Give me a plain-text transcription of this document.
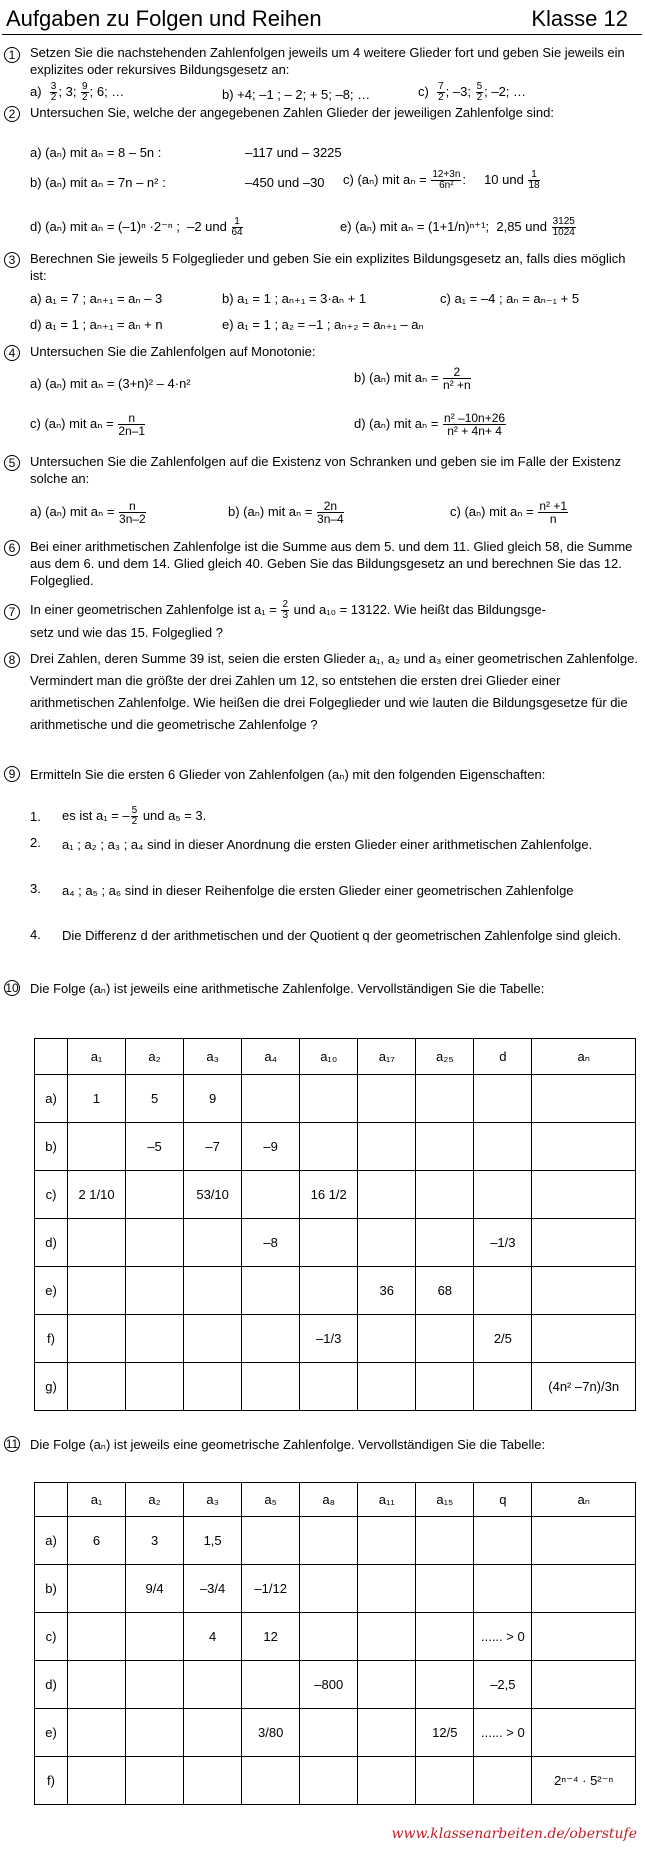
Aufgaben zu Folgen und Reihen	Klasse 12
1	Setzen Sie die nachstehenden Zahlenfolgen jeweils um 4 weitere Glieder fort und geben Sie jeweils ein explizites oder rekursives Bildungsgesetz an:
$a) \frac{3}{2}$ ; 3; $\frac{9}{2}$ ; 6; …	b) +4; –1 ; – 2; + 5; –8; …	$c) \frac{7}{2}$ ; –3; $\frac{5}{2}$ ; –2; …
2	Untersuchen Sie, welche der angegebenen Zahlen Glieder der jeweiligen Zahlenfolge sind:
a) (aₙ) mit aₙ = 8 – 5n :	–117 und – 3225
b) (aₙ) mit aₙ = 7n – n² :	–450 und –30 c) (aₙ) mit $a_n = \frac{12+3n}{\text{6n²}}$ :     10 und $\frac{1}{18}$
d) (aₙ) mit aₙ = (–1)ⁿ ·2⁻ⁿ ; –2 und $\frac{1}{64}$	e) (aₙ) mit aₙ = (1+1/n)ⁿ⁺¹; 2,85 und $\frac{3125}{1024}$
3	Berechnen Sie jeweils 5 Folgeglieder und geben Sie ein explizites Bildungsgesetz an, falls dies möglich ist:
a) a₁ = 7 ; aₙ₊₁ = aₙ – 3	b) a₁ = 1 ; aₙ₊₁ = 3·aₙ + 1	c) a₁ = –4 ; aₙ = aₙ₋₁ + 5
d) a₁ = 1 ; aₙ₊₁ = aₙ + n	e) a₁ = 1 ; a₂ = –1 ; aₙ₊₂ = aₙ₊₁ – aₙ
4	Untersuchen Sie die Zahlenfolgen auf Monotonie:
a) (aₙ) mit aₙ = (3+n)² – 4·n²	b) (aₙ) mit $a_n = \frac{2}{\text{n² +n}}$
c) (aₙ) mit $a_n = \frac{n}{2n-1}$	d) (aₙ) mit $a_n = \frac{\text{n² –10n+26}}{\text{n² + 4n+ 4}}$
5	Untersuchen Sie die Zahlenfolgen auf die Existenz von Schranken und geben sie im Falle der Existenz solche an:
a) (aₙ) mit $a_n = \frac{n}{3n-2}$	b) (aₙ) mit $a_n = \frac{2n}{3n-4}$	c) (aₙ) mit $a_n = \frac{\text{n² +1}}{n}$
6	Bei einer arithmetischen Zahlenfolge ist die Summe aus dem 5. und dem 11. Glied gleich 58, die Summe aus dem 6. und dem 14. Glied gleich 40. Geben Sie das Bildungsgesetz an und berechnen Sie das 12. Folgeglied.
7	In einer geometrischen Zahlenfolge ist $a_1 = \frac{2}{3}$ und a₁₀ = 13122. Wie heißt das Bildungsge-
setz und wie das 15. Folgeglied ?
8	Drei Zahlen, deren Summe 39 ist, seien die ersten Glieder a₁, a₂ und a₃ einer geometrischen Zahlenfolge. Vermindert man die größte der drei Zahlen um 12, so entstehen die ersten drei Glieder einer arithmetischen Zahlenfolge. Wie heißen die drei Folgeglieder und wie lauten die Bildungsgesetze für die arithmetische und die geometrische Zahlenfolge ?
9	Ermitteln Sie die ersten 6 Glieder von Zahlenfolgen (aₙ) mit den folgenden Eigenschaften:
1. es ist a₁ = – $\frac{5}{2}$ und a₅ = 3.
2. a₁ ; a₂ ; a₃ ; a₄ sind in dieser Anordnung die ersten Glieder einer arithmetischen Zahlenfolge.
3. a₄ ; a₅ ; a₆ sind in dieser Reihenfolge die ersten Glieder einer geometrischen Zahlenfolge
4. Die Differenz d der arithmetischen und der Quotient q der geometrischen Zahlenfolge sind gleich.
10 Die Folge (aₙ) ist jeweils eine arithmetische Zahlenfolge. Vervollständigen Sie die Tabelle:
	a₁	a₂	a₃	a₄	a₁₀	a₁₇	a₂₅	d	aₙ
a)	1	5	9						
b)		–5	–7	–9					
c)	2 1/10		53/10		16 1/2				
d)				–8				–1/3	
e)						36	68		
f)					–1/3			2/5	
g)									(4n² –7n)/3n
11 Die Folge (aₙ) ist jeweils eine geometrische Zahlenfolge. Vervollständigen Sie die Tabelle:
	a₁	a₂	a₃	a₅	a₈	a₁₁	a₁₅	q	aₙ
a)	6	3	1,5						
b)		9/4	–3/4	–1/12					
c)			4	12				...... > 0	
d)					–800			–2,5	
e)				3/80			12/5	...... > 0	
f)									2ⁿ⁻⁴ · 5²⁻ⁿ
www.klassenarbeiten.de/oberstufe
